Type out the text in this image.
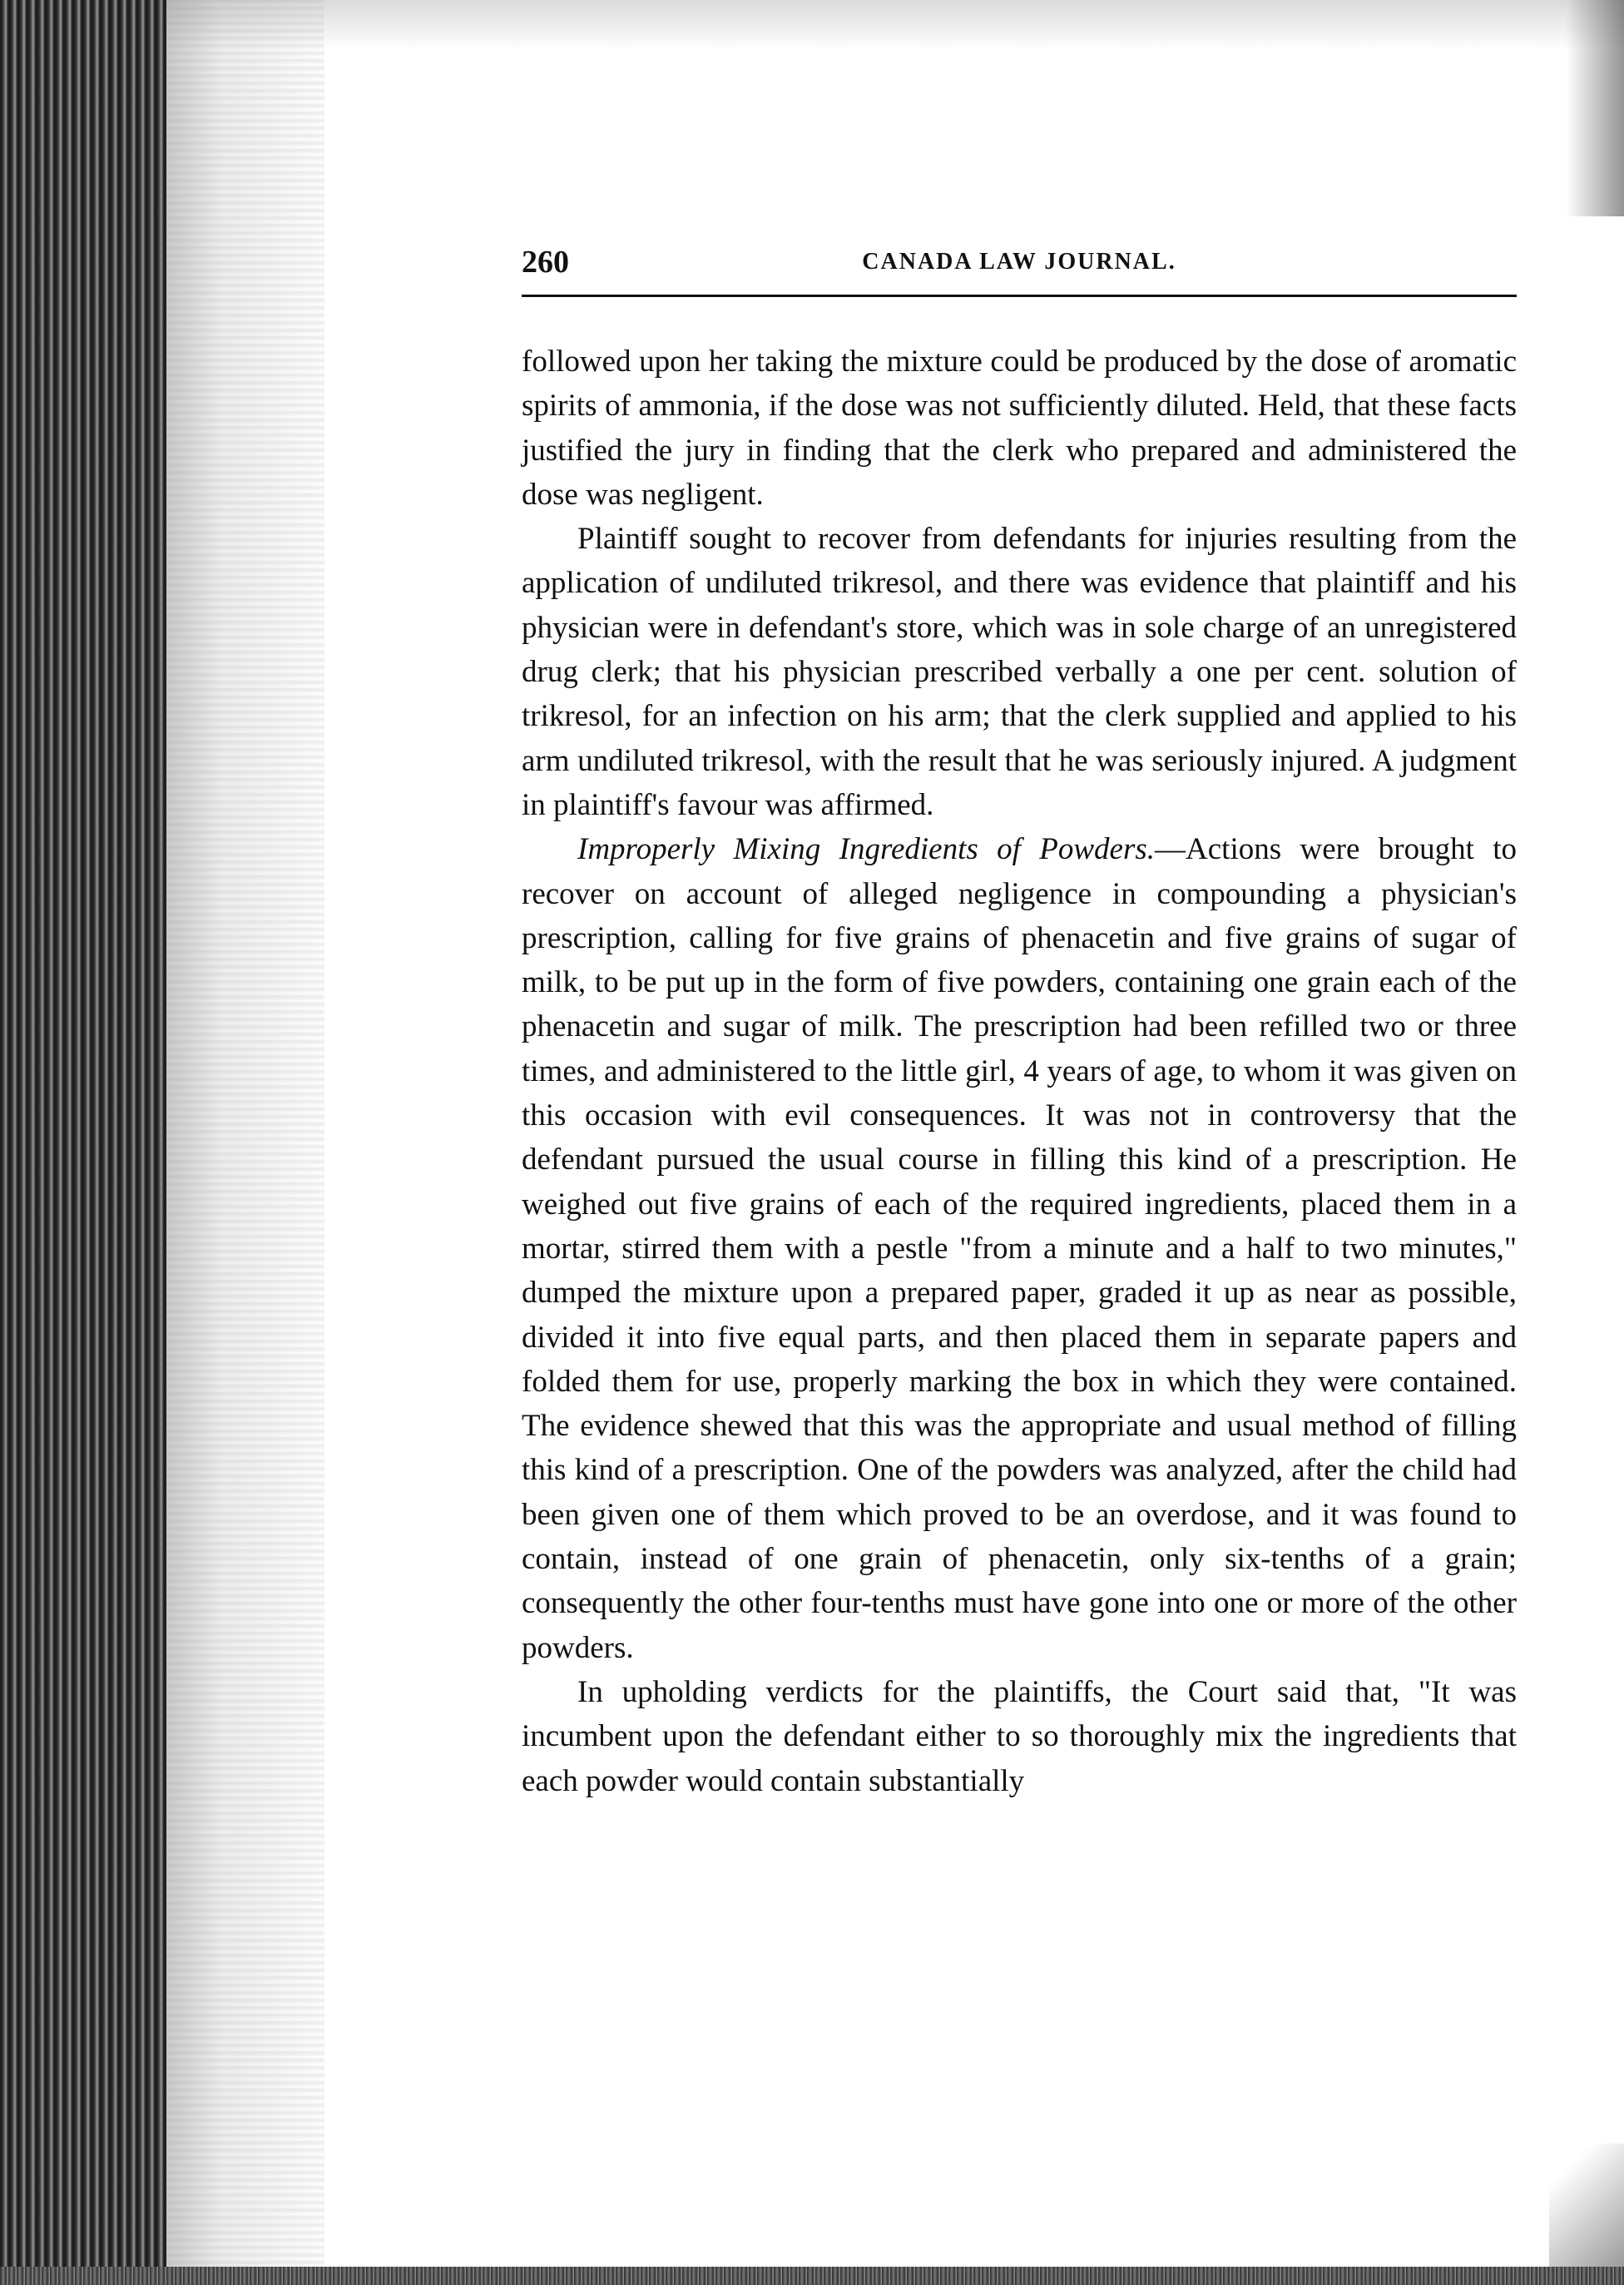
260	CANADA LAW JOURNAL.

followed upon her taking the mixture could be produced by the dose of aromatic spirits of ammonia, if the dose was not sufficiently diluted. Held, that these facts justified the jury in finding that the clerk who prepared and administered the dose was negligent.

Plaintiff sought to recover from defendants for injuries resulting from the application of undiluted trikresol, and there was evidence that plaintiff and his physician were in defendant's store, which was in sole charge of an unregistered drug clerk; that his physician prescribed verbally a one per cent. solution of trikresol, for an infection on his arm; that the clerk supplied and applied to his arm undiluted trikresol, with the result that he was seriously injured. A judgment in plaintiff's favour was affirmed.

Improperly Mixing Ingredients of Powders.—Actions were brought to recover on account of alleged negligence in compounding a physician's prescription, calling for five grains of phenacetin and five grains of sugar of milk, to be put up in the form of five powders, containing one grain each of the phenacetin and sugar of milk. The prescription had been refilled two or three times, and administered to the little girl, 4 years of age, to whom it was given on this occasion with evil consequences. It was not in controversy that the defendant pursued the usual course in filling this kind of a prescription. He weighed out five grains of each of the required ingredients, placed them in a mortar, stirred them with a pestle "from a minute and a half to two minutes," dumped the mixture upon a prepared paper, graded it up as near as possible, divided it into five equal parts, and then placed them in separate papers and folded them for use, properly marking the box in which they were contained. The evidence shewed that this was the appropriate and usual method of filling this kind of a prescription. One of the powders was analyzed, after the child had been given one of them which proved to be an overdose, and it was found to contain, instead of one grain of phenacetin, only six-tenths of a grain; consequently the other four-tenths must have gone into one or more of the other powders.

In upholding verdicts for the plaintiffs, the Court said that, "It was incumbent upon the defendant either to so thoroughly mix the ingredients that each powder would contain substantially
